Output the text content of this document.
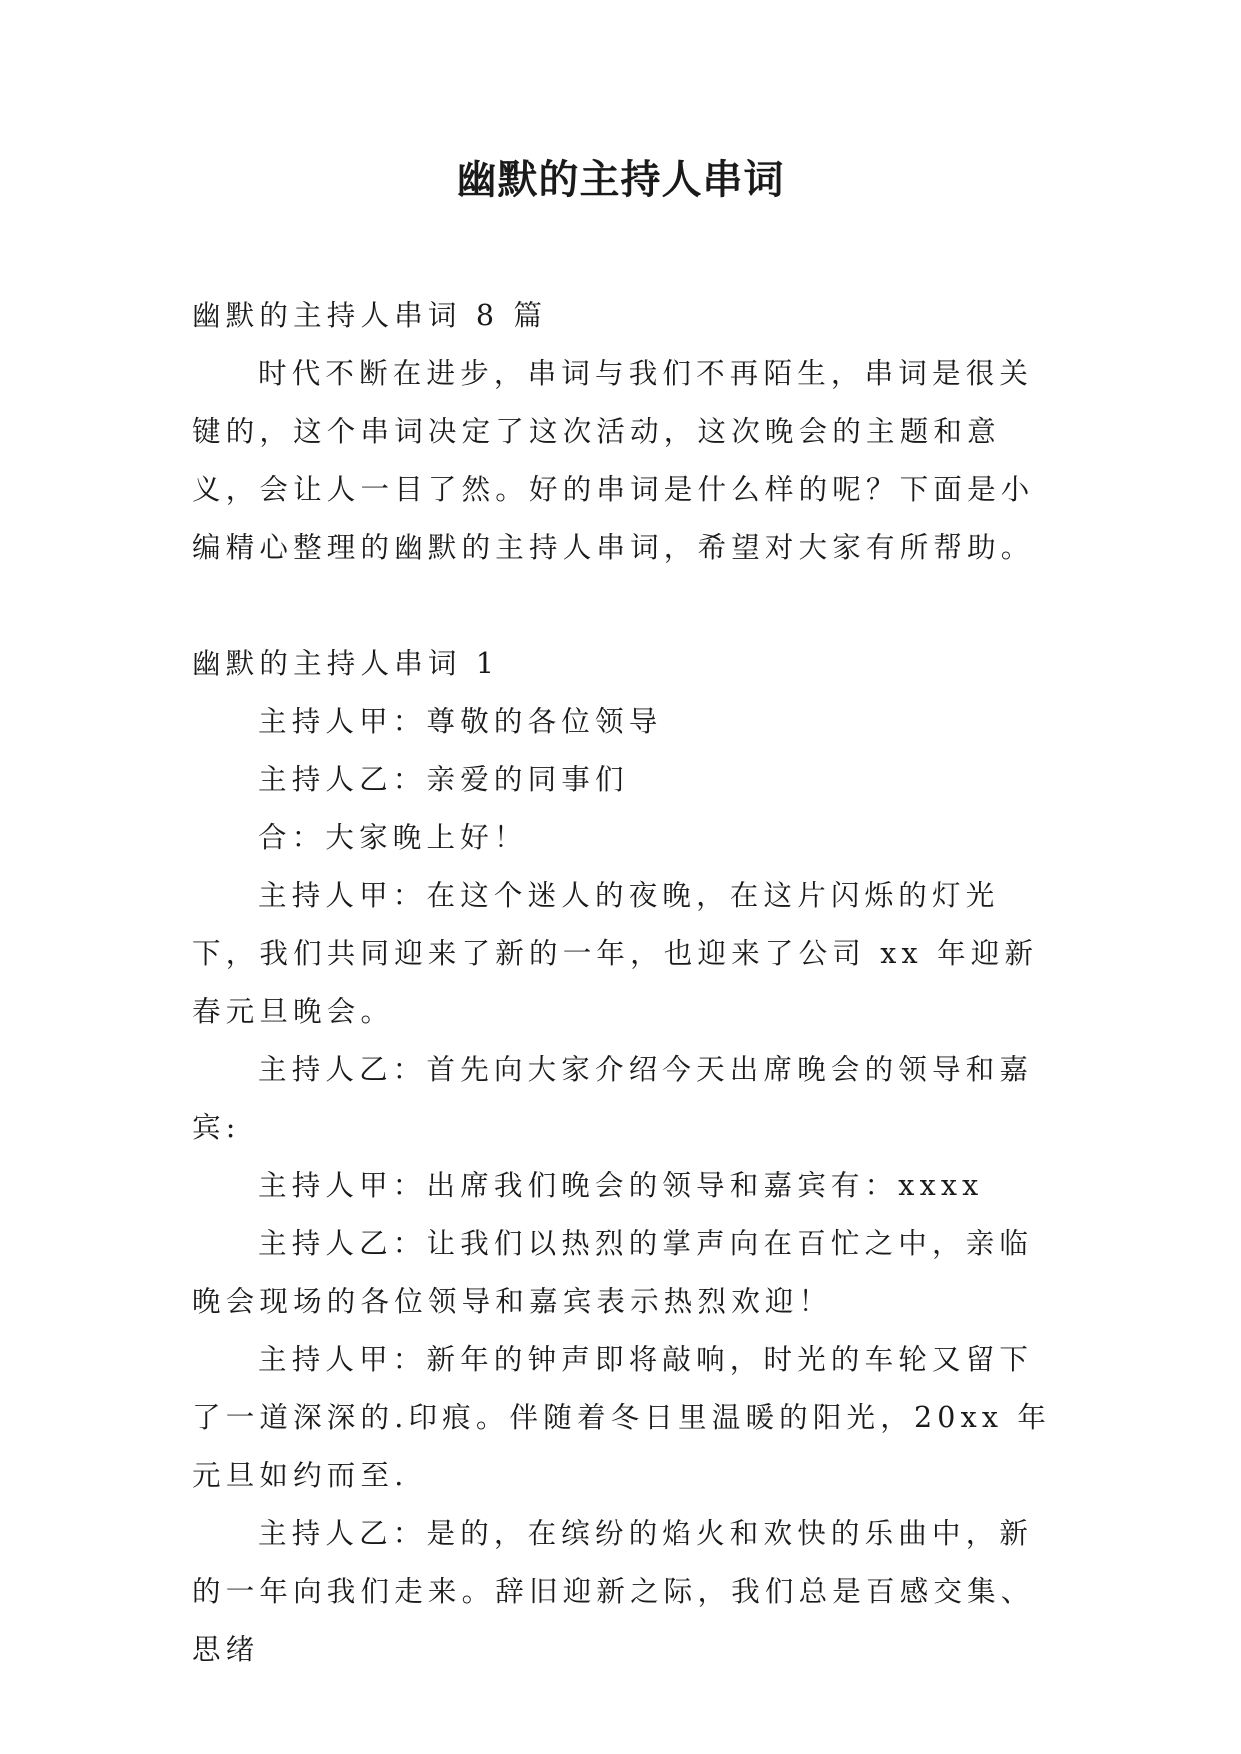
幽默的主持人串词

幽默的主持人串词 8 篇

时代不断在进步，串词与我们不再陌生，串词是很关键的，这个串词决定了这次活动，这次晚会的主题和意义，会让人一目了然。好的串词是什么样的呢？下面是小编精心整理的幽默的主持人串词，希望对大家有所帮助。

幽默的主持人串词 1

主持人甲：尊敬的各位领导

主持人乙：亲爱的同事们

合：大家晚上好！

主持人甲：在这个迷人的夜晚，在这片闪烁的灯光下，我们共同迎来了新的一年，也迎来了公司 xx 年迎新春元旦晚会。

主持人乙：首先向大家介绍今天出席晚会的领导和嘉宾:

主持人甲：出席我们晚会的领导和嘉宾有：xxxx

主持人乙：让我们以热烈的掌声向在百忙之中，亲临晚会现场的各位领导和嘉宾表示热烈欢迎！

主持人甲：新年的钟声即将敲响，时光的车轮又留下了一道深深的.印痕。伴随着冬日里温暖的阳光，20xx 年元旦如约而至.

主持人乙：是的，在缤纷的焰火和欢快的乐曲中，新的一年向我们走来。辞旧迎新之际，我们总是百感交集、思绪
